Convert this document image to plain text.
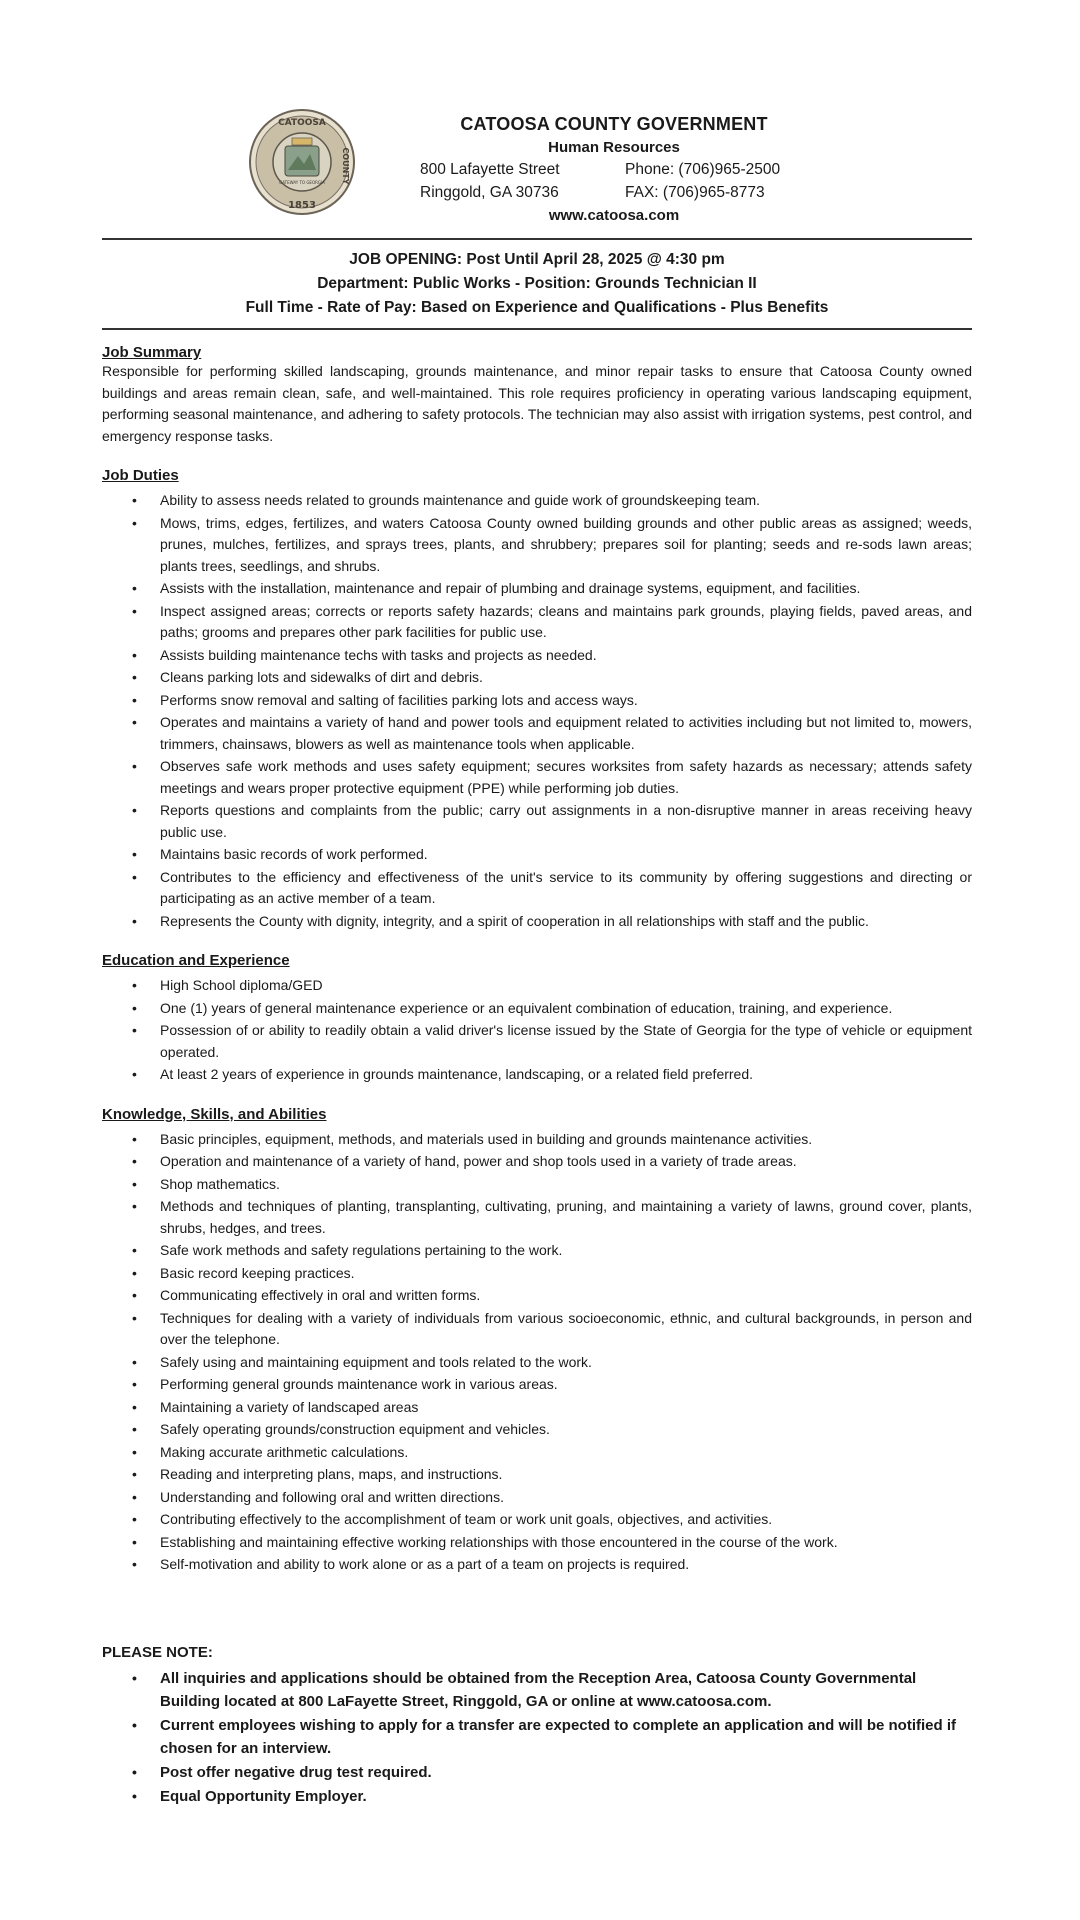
CATOOSA
1853
COUNTY
GATEWAY TO GEORGIA
CATOOSA COUNTY GOVERNMENT
Human Resources
800 Lafayette Street	Phone: (706)965-2500
Ringgold, GA 30736	FAX: (706)965-8773
www.catoosa.com
JOB OPENING: Post Until April 28, 2025 @ 4:30 pm
Department: Public Works - Position: Grounds Technician II
Full Time - Rate of Pay: Based on Experience and Qualifications - Plus Benefits
Job Summary

Responsible for performing skilled landscaping, grounds maintenance, and minor repair tasks to ensure that Catoosa County owned buildings and areas remain clean, safe, and well-maintained. This role requires proficiency in operating various landscaping equipment, performing seasonal maintenance, and adhering to safety protocols. The technician may also assist with irrigation systems, pest control, and emergency response tasks.

Job Duties
• Ability to assess needs related to grounds maintenance and guide work of groundskeeping team.
• Mows, trims, edges, fertilizes, and waters Catoosa County owned building grounds and other public areas as assigned; weeds, prunes, mulches, fertilizes, and sprays trees, plants, and shrubbery; prepares soil for planting; seeds and re-sods lawn areas; plants trees, seedlings, and shrubs.
• Assists with the installation, maintenance and repair of plumbing and drainage systems, equipment, and facilities.
• Inspect assigned areas; corrects or reports safety hazards; cleans and maintains park grounds, playing fields, paved areas, and paths; grooms and prepares other park facilities for public use.
• Assists building maintenance techs with tasks and projects as needed.
• Cleans parking lots and sidewalks of dirt and debris.
• Performs snow removal and salting of facilities parking lots and access ways.
• Operates and maintains a variety of hand and power tools and equipment related to activities including but not limited to, mowers, trimmers, chainsaws, blowers as well as maintenance tools when applicable.
• Observes safe work methods and uses safety equipment; secures worksites from safety hazards as necessary; attends safety meetings and wears proper protective equipment (PPE) while performing job duties.
• Reports questions and complaints from the public; carry out assignments in a non-disruptive manner in areas receiving heavy public use.
• Maintains basic records of work performed.
• Contributes to the efficiency and effectiveness of the unit's service to its community by offering suggestions and directing or participating as an active member of a team.
• Represents the County with dignity, integrity, and a spirit of cooperation in all relationships with staff and the public.
Education and Experience
• High School diploma/GED
• One (1) years of general maintenance experience or an equivalent combination of education, training, and experience.
• Possession of or ability to readily obtain a valid driver's license issued by the State of Georgia for the type of vehicle or equipment operated.
• At least 2 years of experience in grounds maintenance, landscaping, or a related field preferred.
Knowledge, Skills, and Abilities
• Basic principles, equipment, methods, and materials used in building and grounds maintenance activities.
• Operation and maintenance of a variety of hand, power and shop tools used in a variety of trade areas.
• Shop mathematics.
• Methods and techniques of planting, transplanting, cultivating, pruning, and maintaining a variety of lawns, ground cover, plants, shrubs, hedges, and trees.
• Safe work methods and safety regulations pertaining to the work.
• Basic record keeping practices.
• Communicating effectively in oral and written forms.
• Techniques for dealing with a variety of individuals from various socioeconomic, ethnic, and cultural backgrounds, in person and over the telephone.
• Safely using and maintaining equipment and tools related to the work.
• Performing general grounds maintenance work in various areas.
• Maintaining a variety of landscaped areas
• Safely operating grounds/construction equipment and vehicles.
• Making accurate arithmetic calculations.
• Reading and interpreting plans, maps, and instructions.
• Understanding and following oral and written directions.
• Contributing effectively to the accomplishment of team or work unit goals, objectives, and activities.
• Establishing and maintaining effective working relationships with those encountered in the course of the work.
• Self-motivation and ability to work alone or as a part of a team on projects is required.
PLEASE NOTE:
• All inquiries and applications should be obtained from the Reception Area, Catoosa County Governmental Building located at 800 LaFayette Street, Ringgold, GA or online at www.catoosa.com.
• Current employees wishing to apply for a transfer are expected to complete an application and will be notified if chosen for an interview.
• Post offer negative drug test required.
• Equal Opportunity Employer.
